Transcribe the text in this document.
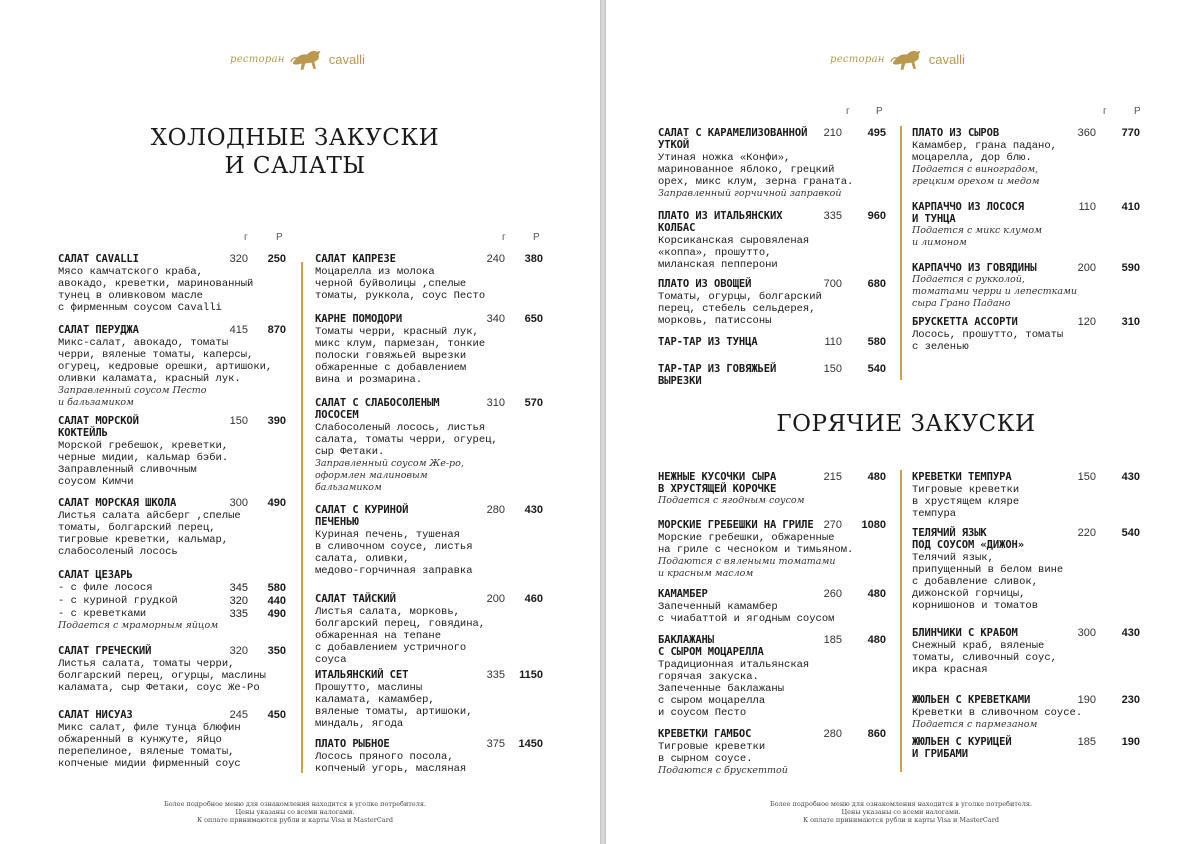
ресторан	cavalli
ХОЛОДНЫЕ ЗАКУСКИ
И САЛАТЫ
г	Р	г	Р
САЛАТ CAVALLI	320	250
Мясо камчатского краба,
авокадо, креветки, маринованный
тунец в оливковом масле
с фирменным соусом Cavalli
САЛАТ ПЕРУДЖА	415	870
Микс-салат, авокадо, томаты
черри, вяленые томаты, каперсы,
огурец, кедровые орешки, артишоки,
оливки каламата, красный лук.
Заправленный соусом Песто
и бальзамиком
САЛАТ МОРСКОЙ
КОКТЕЙЛЬ
150	390
Морской гребешок, креветки,
черные мидии, кальмар бэби.
Заправленный сливочным
соусом Кимчи
САЛАТ МОРСКАЯ ШКОЛА	300	490
Листья салата айсберг ,спелые
томаты, болгарский перец,
тигровые креветки, кальмар,
слабосоленый лосось
САЛАТ ЦЕЗАРЬ
- с филе лосося	345	580
- с куриной грудкой	320	440
- с креветками	335	490
Подается с мраморным яйцом
САЛАТ ГРЕЧЕСКИЙ	320	350
Листья салата, томаты черри,
болгарский перец, огурцы, маслины
каламата, сыр Фетаки, соус Же-Ро
САЛАТ НИСУАЗ	245	450
Микс салат, филе тунца блюфин
обжаренный в кунжуте, яйцо
перепелиное, вяленые томаты,
копченые мидии фирменный соус
САЛАТ КАПРЕЗЕ	240	380
Моцарелла из молока
черной буйволицы ,спелые
томаты, руккола, соус Песто
КАРНЕ ПОМОДОРИ	340	650
Томаты черри, красный лук,
микс клум, пармезан, тонкие
полоски говяжьей вырезки
обжаренные с добавлением
вина и розмарина.
САЛАТ С СЛАБОСОЛЕНЫМ
ЛОСОСЕМ
310	570
Слабосоленый лосось, листья
салата, томаты черри, огурец,
сыр Фетаки.
Заправленный соусом Же-ро,
оформлен малиновым
бальзамиком
САЛАТ С КУРИНОЙ
ПЕЧЕНЬЮ
280	430
Куриная печень, тушеная
в сливочном соусе, листья
салата, оливки,
медово-горчичная заправка
САЛАТ ТАЙСКИЙ	200	460
Листья салата, морковь,
болгарский перец, говядина,
обжаренная на тепане
с добавлением устричного
соуса
ИТАЛЬЯНСКИЙ СЕТ	335	1150
Прошутто, маслины
каламата, камамбер,
вяленые томаты, артишоки,
миндаль, ягода
ПЛАТО РЫБНОЕ	375	1450
Лосось пряного посола,
копченый угорь, масляная
Более подробное меню для ознакомления находится в уголке потребителя.
Цены указаны со всеми налогами.
К оплате принимаются рубли и карты Visa и MasterCard
ресторан	cavalli
г	Р	г	Р
САЛАТ С КАРАМЕЛИЗОВАННОЙ
УТКОЙ
210	495
Утиная ножка «Конфи»,
маринованное яблоко, грецкий
орех, микс клум, зерна граната.
Заправленный горчичной заправкой
ПЛАТО ИЗ ИТАЛЬЯНСКИХ
КОЛБАС
335	960
Корсиканская сыровяленая
«коппа», прошутто,
миланская пепперони
ПЛАТО ИЗ ОВОЩЕЙ	700	680
Томаты, огурцы, болгарский
перец, стебель сельдерея,
морковь, патиссоны
ТАР-ТАР ИЗ ТУНЦА	110	580
ТАР-ТАР ИЗ ГОВЯЖЬЕЙ
ВЫРЕЗКИ
150	540
ПЛАТО ИЗ СЫРОВ	360	770
Камамбер, грана падано,
моцарелла, дор блю.
Подается с виноградом,
грецким орехом и медом
КАРПАЧЧО ИЗ ЛОСОСЯ
И ТУНЦА
110	410
Подается с микс клумом
и лимоном
КАРПАЧЧО ИЗ ГОВЯДИНЫ	200	590
Подается с рукколой,
томатами черри и лепестками
сыра Грано Падано
БРУСКЕТТА АССОРТИ	120	310
Лосось, прошутто, томаты
с зеленью
ГОРЯЧИЕ ЗАКУСКИ
НЕЖНЫЕ КУСОЧКИ СЫРА
В ХРУСТЯЩЕЙ КОРОЧКЕ
215	480
Подается с ягодным соусом
МОРСКИЕ ГРЕБЕШКИ НА ГРИЛЕ 270	1080
Морские гребешки, обжаренные
на гриле с чесноком и тимьяном.
Подаются с вялеными томатами
и красным маслом
КАМАМБЕР	260	480
Запеченный камамбер
с чиабаттой и ягодным соусом
БАКЛАЖАНЫ
С СЫРОМ МОЦАРЕЛЛА
185	480
Традиционная итальянская
горячая закуска.
Запеченные баклажаны
с сыром моцарелла
и соусом Песто
КРЕВЕТКИ ГАМБОС	280	860
Тигровые креветки
в сырном соусе.
Подаются с брускеттой
КРЕВЕТКИ ТЕМПУРА	150	430
Тигровые креветки
в хрустящем кляре
темпура
ТЕЛЯЧИЙ ЯЗЫК
ПОД СОУСОМ «ДИЖОН»
220	540
Телячий язык,
припущенный в белом вине
с добавление сливок,
дижонской горчицы,
корнишонов и томатов
БЛИНЧИКИ С КРАБОМ	300	430
Снежный краб, вяленые
томаты, сливочный соус,
икра красная
ЖЮЛЬЕН С КРЕВЕТКАМИ	190	230
Креветки в сливочном соусе.
Подается с пармезаном
ЖЮЛЬЕН С КУРИЦЕЙ
И ГРИБАМИ
185	190
Более подробное меню для ознакомления находится в уголке потребителя.
Цены указаны со всеми налогами.
К оплате принимаются рубли и карты Visa и MasterCard
